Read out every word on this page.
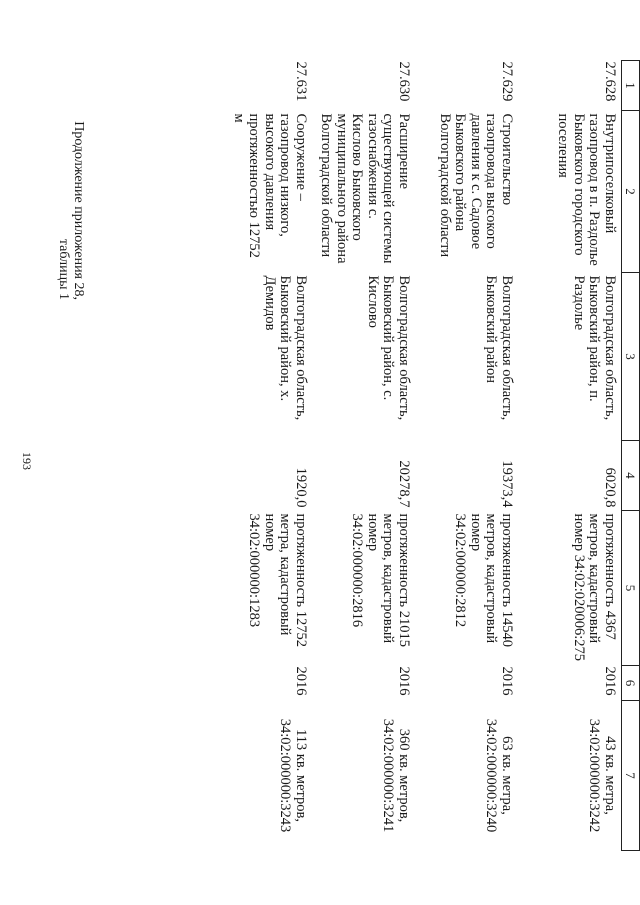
193
Продолжение приложения 28,
таблицы 1
1	2	3	4	5	6	7
27.628	Внутрипоселковый газопровод в п. Раздолье Быковского городского поселения	Волгоградская область, Быковский район, п. Раздолье	6020,8	протяженность 4367 метров, кадастровый номер 34:02:020006:275	2016	43 кв. метра, 34:02:000000:3242
27.629	Строительство газопровода высокого давления к с. Садовое Быковского района Волгоградской области	Волгоградская область, Быковский район	19373,4	протяженность 14540 метров, кадастровый номер 34:02:000000:2812	2016	63 кв. метра, 34:02:000000:3240
27.630	Расширение существующей системы газоснабжения с. Кислово Быковского муниципального района Волгоградской области	Волгоградская область, Быковский район, с. Кислово	20278,7	протяженность 21015 метров, кадастровый номер 34:02:000000:2816	2016	360 кв. метров, 34:02:000000:3241
27.631	Сооружение – газопровод низкого, высокого давления протяженностью 12752 м	Волгоградская область, Быковский район, х. Демидов	1920,0	протяженность 12752 метра, кадастровый номер 34:02:000000:1283	2016	113 кв. метров, 34:02:000000:3243
